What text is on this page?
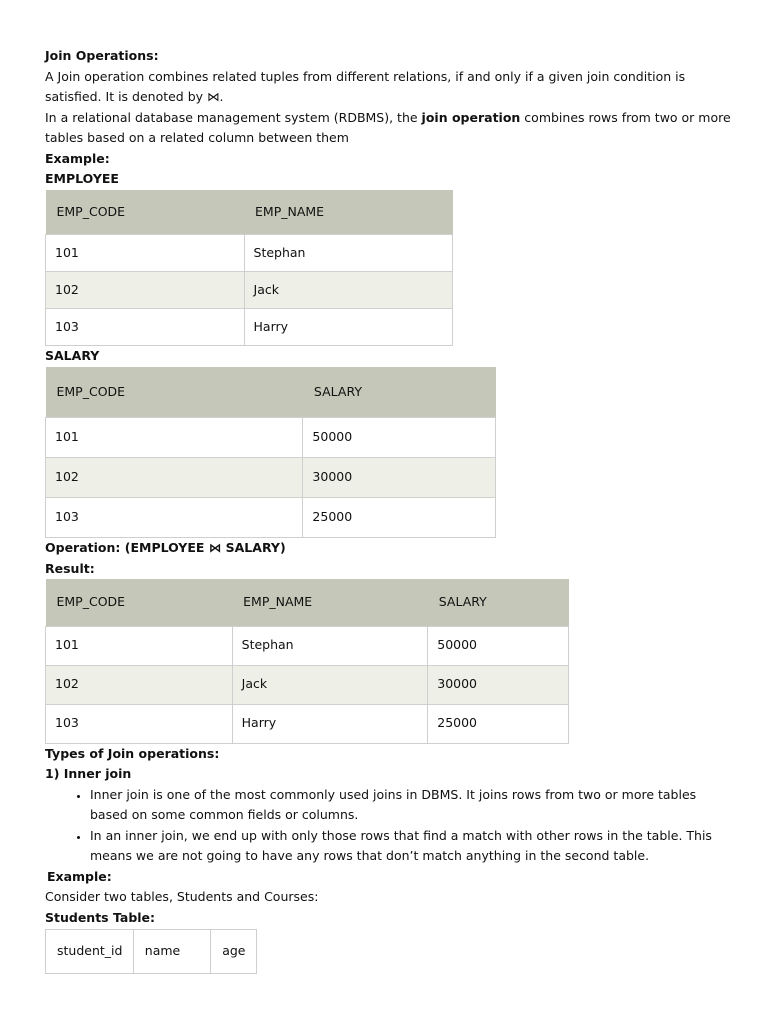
Join Operations:

A Join operation combines related tuples from different relations, if and only if a given join condition is

satisfied. It is denoted by ⋈.

In a relational database management system (RDBMS), the join operation combines rows from two or more

tables based on a related column between them

Example:

EMPLOYEE

EMP_CODE	EMP_NAME
101	Stephan
102	Jack
103	Harry

SALARY

EMP_CODE	SALARY
101	50000
102	30000
103	25000

Operation: (EMPLOYEE ⋈ SALARY)

Result:

EMP_CODE	EMP_NAME	SALARY
101	Stephan	50000
102	Jack	30000
103	Harry	25000

Types of Join operations:

1) Inner join

• Inner join is one of the most commonly used joins in DBMS. It joins rows from two or more tables
based on some common fields or columns.
• In an inner join, we end up with only those rows that find a match with other rows in the table. This
means we are not going to have any rows that don’t match anything in the second table.

Example:

Consider two tables, Students and Courses:

Students Table:

student_id	name	age
